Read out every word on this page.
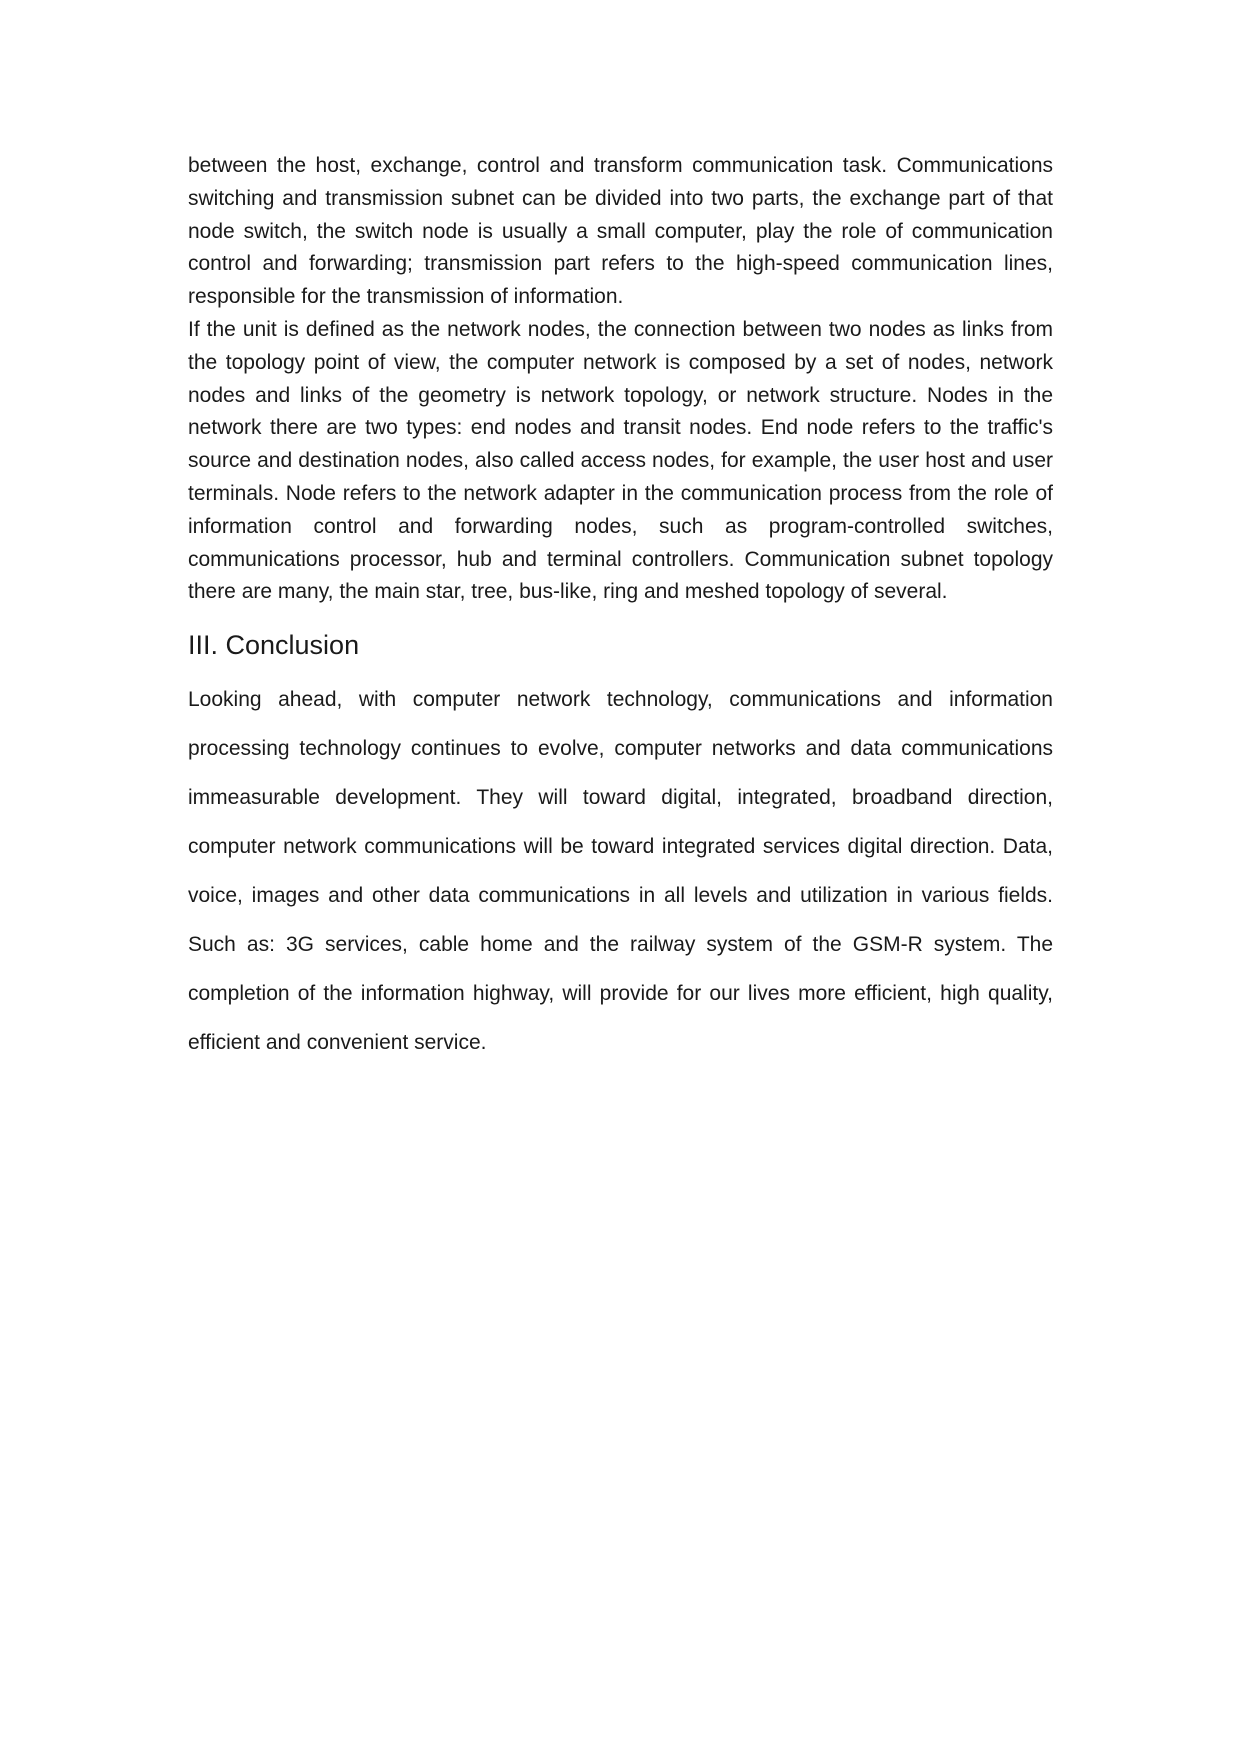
between the host, exchange, control and transform communication task. Communications switching and transmission subnet can be divided into two parts, the exchange part of that node switch, the switch node is usually a small computer, play the role of communication control and forwarding; transmission part refers to the high-speed communication lines, responsible for the transmission of information.

If the unit is defined as the network nodes, the connection between two nodes as links from the topology point of view, the computer network is composed by a set of nodes, network nodes and links of the geometry is network topology, or network structure. Nodes in the network there are two types: end nodes and transit nodes. End node refers to the traffic's source and destination nodes, also called access nodes, for example, the user host and user terminals. Node refers to the network adapter in the communication process from the role of information control and forwarding nodes, such as program-controlled switches, communications processor, hub and terminal controllers. Communication subnet topology there are many, the main star, tree, bus-like, ring and meshed topology of several.

III. Conclusion

Looking ahead, with computer network technology, communications and information processing technology continues to evolve, computer networks and data communications immeasurable development. They will toward digital, integrated, broadband direction, computer network communications will be toward integrated services digital direction. Data, voice, images and other data communications in all levels and utilization in various fields. Such as: 3G services, cable home and the railway system of the GSM-R system. The completion of the information highway, will provide for our lives more efficient, high quality, efficient and convenient service.
